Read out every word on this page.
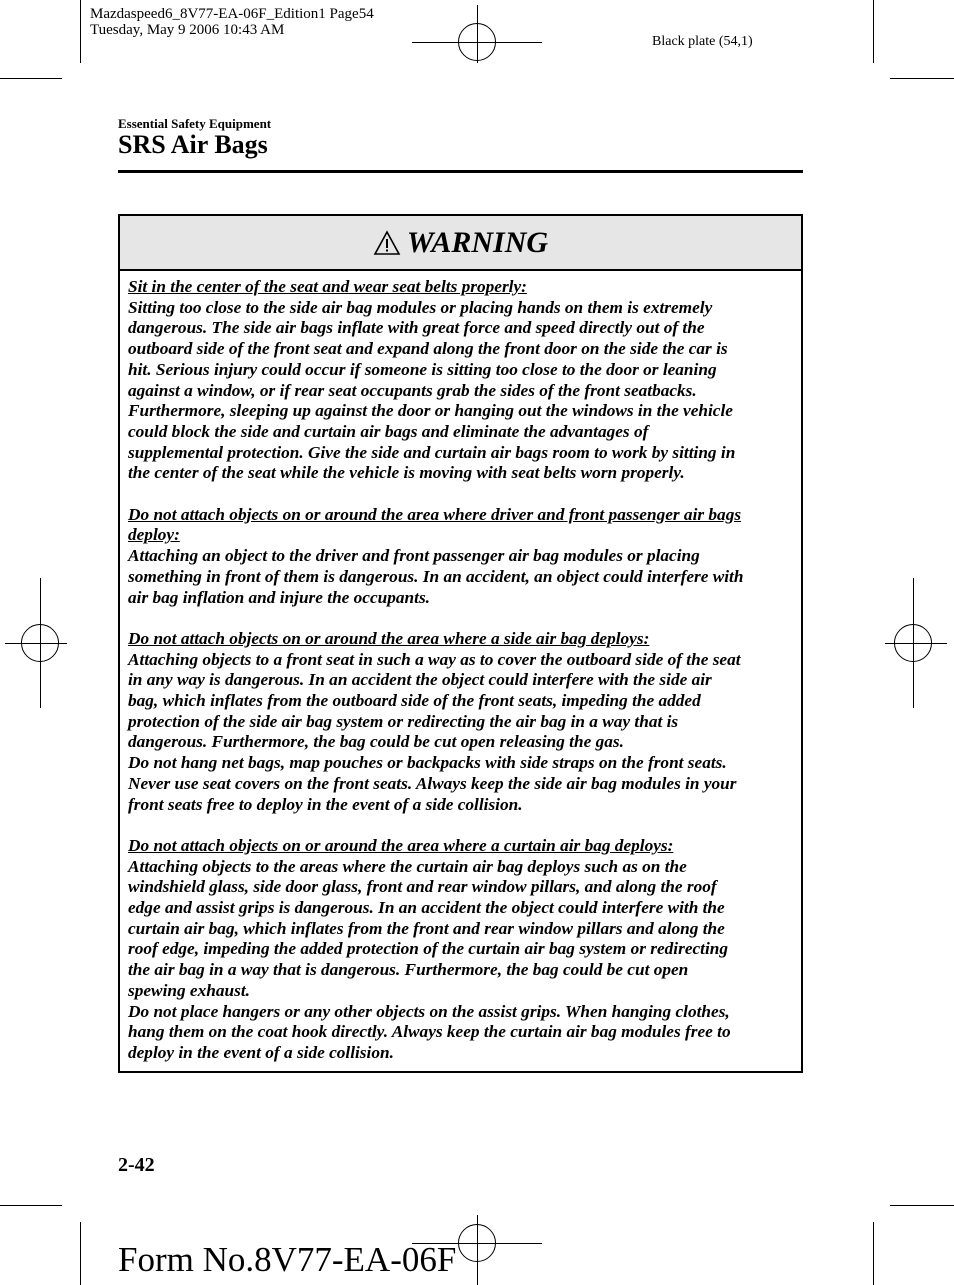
Mazdaspeed6_8V77-EA-06F_Edition1 Page54
Tuesday, May 9 2006 10:43 AM
Black plate (54,1)
Essential Safety Equipment
SRS Air Bags
WARNING
Sit in the center of the seat and wear seat belts properly:
Sitting too close to the side air bag modules or placing hands on them is extremely
dangerous. The side air bags inflate with great force and speed directly out of the
outboard side of the front seat and expand along the front door on the side the car is
hit. Serious injury could occur if someone is sitting too close to the door or leaning
against a window, or if rear seat occupants grab the sides of the front seatbacks.
Furthermore, sleeping up against the door or hanging out the windows in the vehicle
could block the side and curtain air bags and eliminate the advantages of
supplemental protection. Give the side and curtain air bags room to work by sitting in
the center of the seat while the vehicle is moving with seat belts worn properly.
Do not attach objects on or around the area where driver and front passenger air bags deploy:
Attaching an object to the driver and front passenger air bag modules or placing
something in front of them is dangerous. In an accident, an object could interfere with
air bag inflation and injure the occupants.
Do not attach objects on or around the area where a side air bag deploys:
Attaching objects to a front seat in such a way as to cover the outboard side of the seat
in any way is dangerous. In an accident the object could interfere with the side air
bag, which inflates from the outboard side of the front seats, impeding the added
protection of the side air bag system or redirecting the air bag in a way that is
dangerous. Furthermore, the bag could be cut open releasing the gas.
Do not hang net bags, map pouches or backpacks with side straps on the front seats.
Never use seat covers on the front seats. Always keep the side air bag modules in your
front seats free to deploy in the event of a side collision.
Do not attach objects on or around the area where a curtain air bag deploys:
Attaching objects to the areas where the curtain air bag deploys such as on the
windshield glass, side door glass, front and rear window pillars, and along the roof
edge and assist grips is dangerous. In an accident the object could interfere with the
curtain air bag, which inflates from the front and rear window pillars and along the
roof edge, impeding the added protection of the curtain air bag system or redirecting
the air bag in a way that is dangerous. Furthermore, the bag could be cut open
spewing exhaust.
Do not place hangers or any other objects on the assist grips. When hanging clothes,
hang them on the coat hook directly. Always keep the curtain air bag modules free to
deploy in the event of a side collision.
2-42
Form No.8V77-EA-06F
